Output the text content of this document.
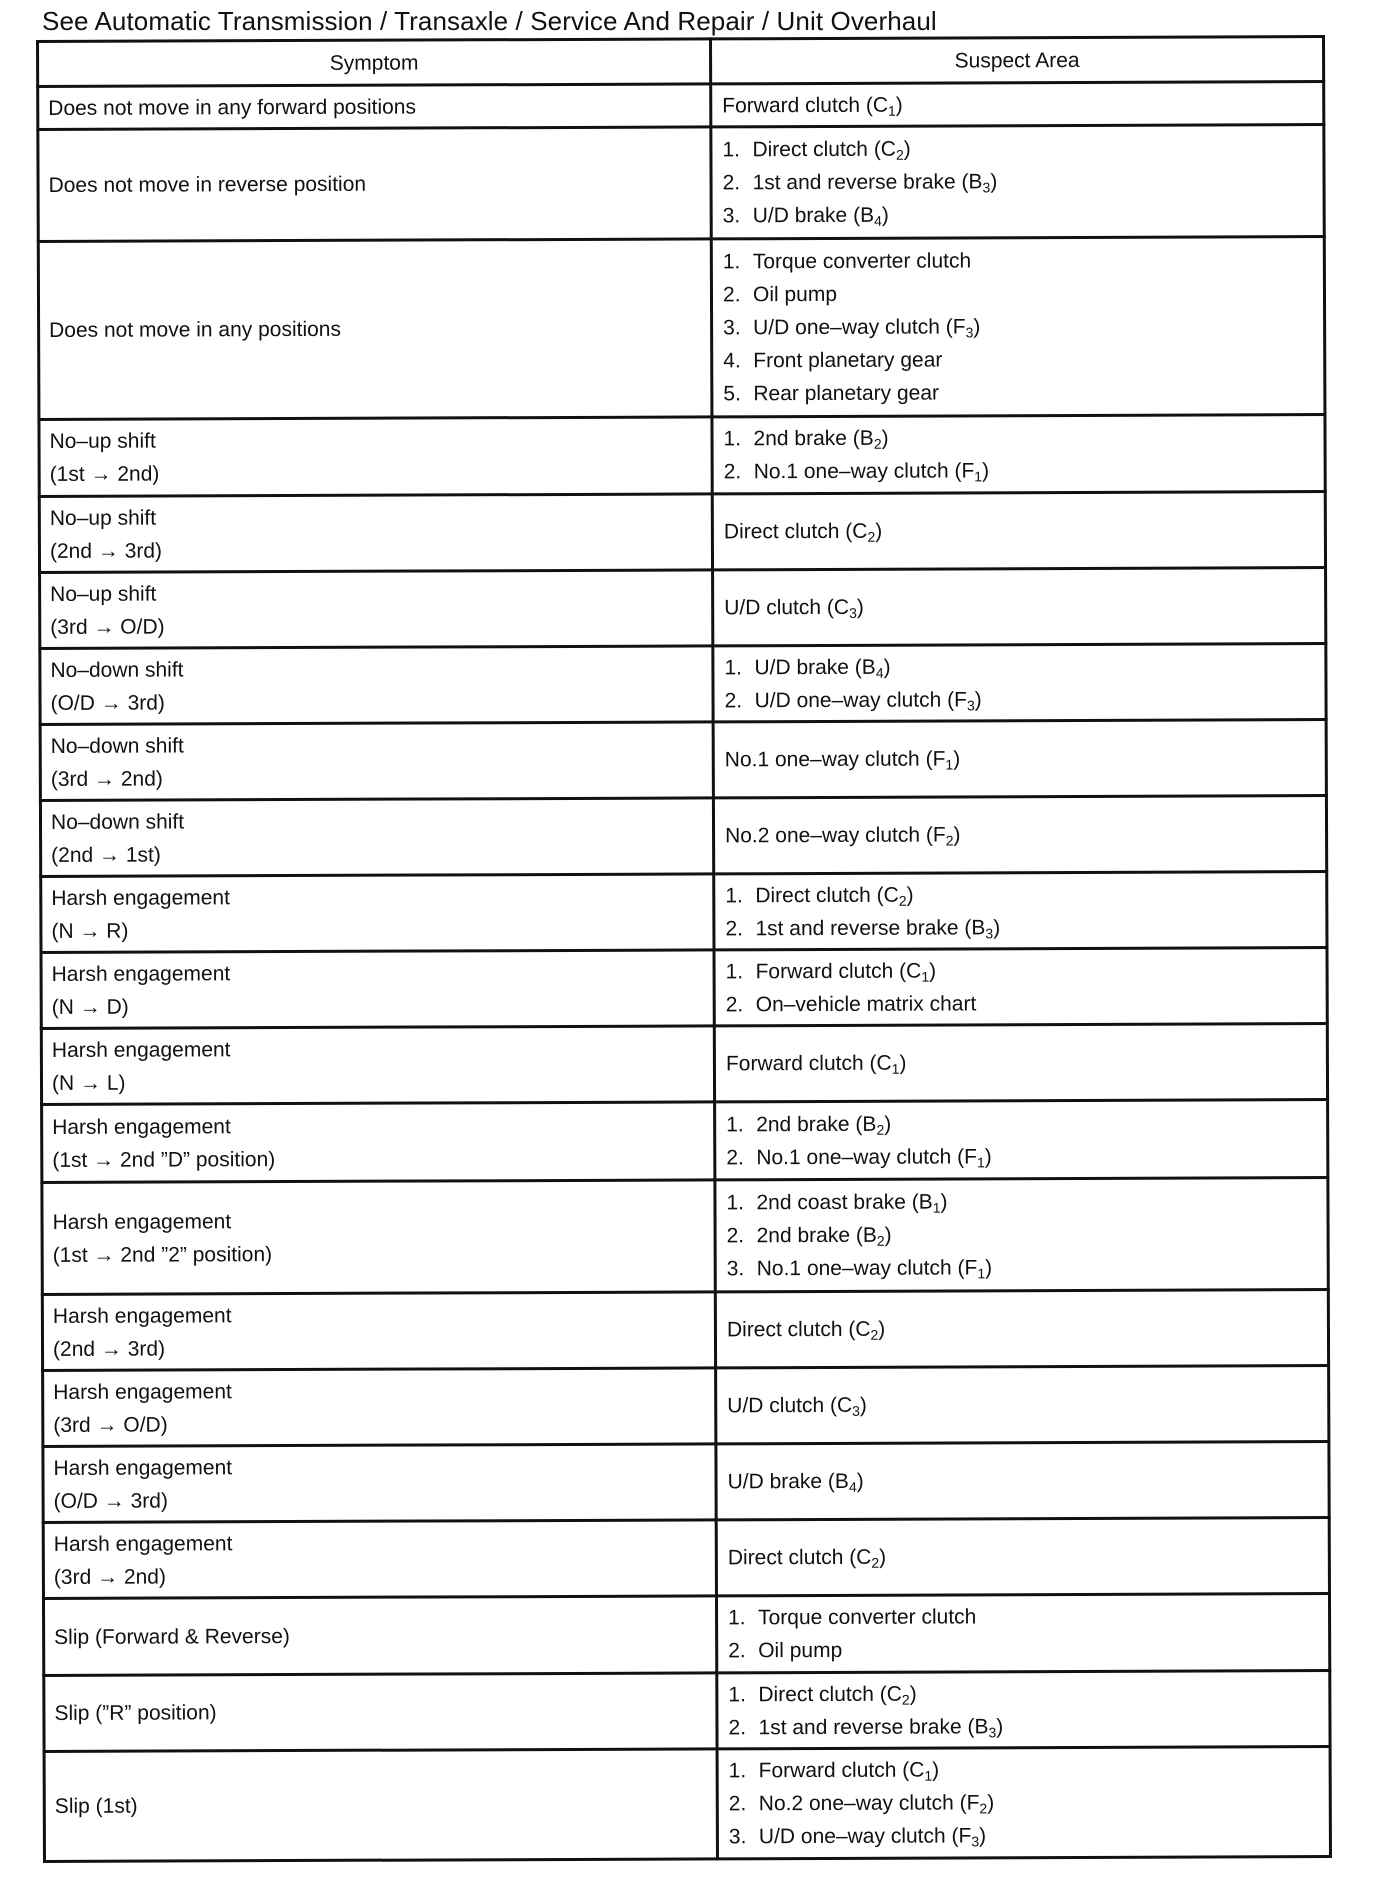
See Automatic Transmission / Transaxle / Service And Repair / Unit Overhaul
Symptom	Suspect Area

Does not move in any forward positions	Forward clutch $(C_1)$

Does not move in reverse position	1. Direct clutch $(C_2)$
2. 1st and reverse brake $(B_3)$
3. U/D brake $(B_4)$

Does not move in any positions	1. Torque converter clutch
2. Oil pump
3. U/D one–way clutch $(F_3)$
4. Front planetary gear
5. Rear planetary gear

No–up shift
(1st → 2nd)	1. 2nd brake $(B_2)$
2. No.1 one–way clutch $(F_1)$

No–up shift
(2nd → 3rd)	Direct clutch $(C_2)$

No–up shift
(3rd → O/D)	U/D clutch $(C_3)$

No–down shift
(O/D → 3rd)	1. U/D brake $(B_4)$
2. U/D one–way clutch $(F_3)$

No–down shift
(3rd → 2nd)	No.1 one–way clutch $(F_1)$

No–down shift
(2nd → 1st)	No.2 one–way clutch $(F_2)$

Harsh engagement
(N → R)	1. Direct clutch $(C_2)$
2. 1st and reverse brake $(B_3)$

Harsh engagement
(N → D)	1. Forward clutch $(C_1)$
2. On–vehicle matrix chart

Harsh engagement
(N → L)	Forward clutch $(C_1)$

Harsh engagement
(1st → 2nd ”D” position)	1. 2nd brake $(B_2)$
2. No.1 one–way clutch $(F_1)$

Harsh engagement
(1st → 2nd ”2” position)	1. 2nd coast brake $(B_1)$
2. 2nd brake $(B_2)$
3. No.1 one–way clutch $(F_1)$

Harsh engagement
(2nd → 3rd)	Direct clutch $(C_2)$

Harsh engagement
(3rd → O/D)	U/D clutch $(C_3)$

Harsh engagement
(O/D → 3rd)	U/D brake $(B_4)$

Harsh engagement
(3rd → 2nd)	Direct clutch $(C_2)$

Slip (Forward & Reverse)	1. Torque converter clutch
2. Oil pump

Slip (”R” position)	1. Direct clutch $(C_2)$
2. 1st and reverse brake $(B_3)$

Slip (1st)	1. Forward clutch $(C_1)$
2. No.2 one–way clutch $(F_2)$
3. U/D one–way clutch $(F_3)$
